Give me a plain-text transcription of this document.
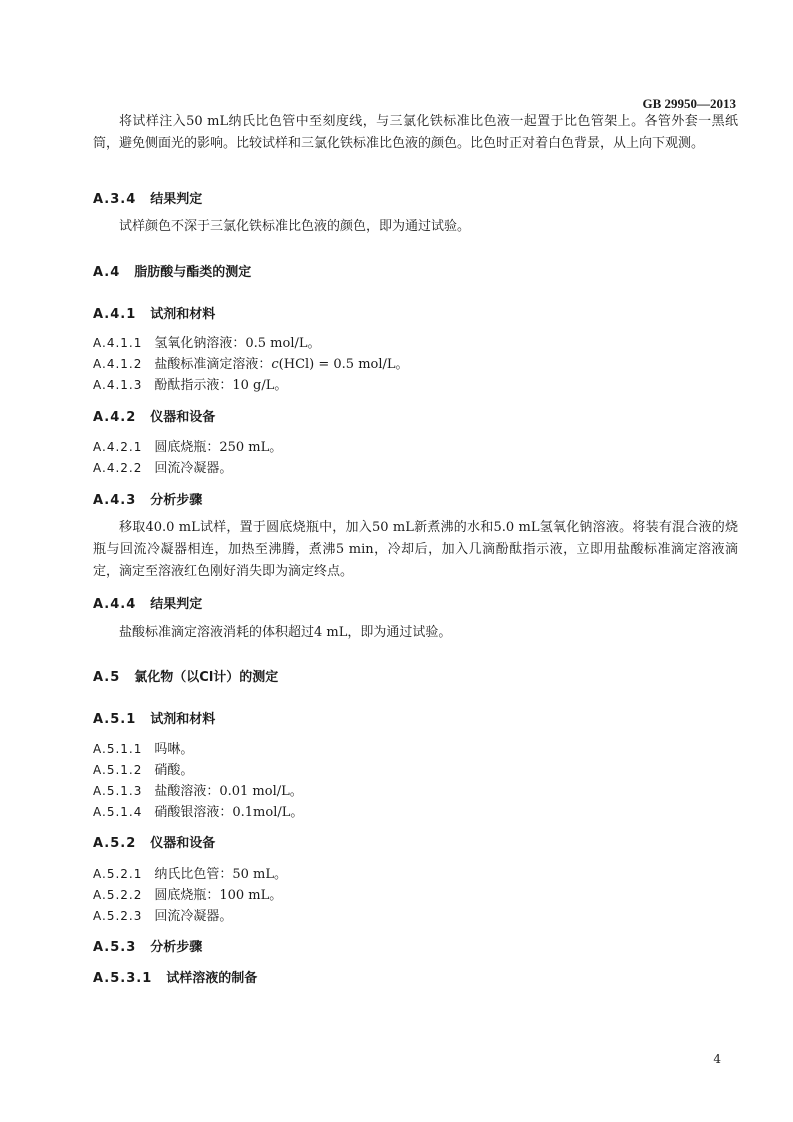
GB 29950—2013
将试样注入50 mL纳氏比色管中至刻度线，与三氯化铁标准比色液一起置于比色管架上。各管外套一黑纸筒，避免侧面光的影响。比较试样和三氯化铁标准比色液的颜色。比色时正对着白色背景，从上向下观测。
A.3.4 结果判定
试样颜色不深于三氯化铁标准比色液的颜色，即为通过试验。
A.4 脂肪酸与酯类的测定
A.4.1 试剂和材料
A.4.1.1 氢氧化钠溶液：0.5 mol/L。
A.4.1.2 盐酸标准滴定溶液：c(HCl) = 0.5 mol/L。
A.4.1.3 酚酞指示液：10 g/L。
A.4.2 仪器和设备
A.4.2.1 圆底烧瓶：250 mL。
A.4.2.2 回流冷凝器。
A.4.3 分析步骤
移取40.0 mL试样，置于圆底烧瓶中，加入50 mL新煮沸的水和5.0 mL氢氧化钠溶液。将装有混合液的烧瓶与回流冷凝器相连，加热至沸腾，煮沸5 min，冷却后，加入几滴酚酞指示液，立即用盐酸标准滴定溶液滴定，滴定至溶液红色刚好消失即为滴定终点。
A.4.4 结果判定
盐酸标准滴定溶液消耗的体积超过4 mL，即为通过试验。
A.5 氯化物（以Cl计）的测定
A.5.1 试剂和材料
A.5.1.1 吗啉。
A.5.1.2 硝酸。
A.5.1.3 盐酸溶液：0.01 mol/L。
A.5.1.4 硝酸银溶液：0.1mol/L。
A.5.2 仪器和设备
A.5.2.1 纳氏比色管：50 mL。
A.5.2.2 圆底烧瓶：100 mL。
A.5.2.3 回流冷凝器。
A.5.3 分析步骤
A.5.3.1 试样溶液的制备
4
